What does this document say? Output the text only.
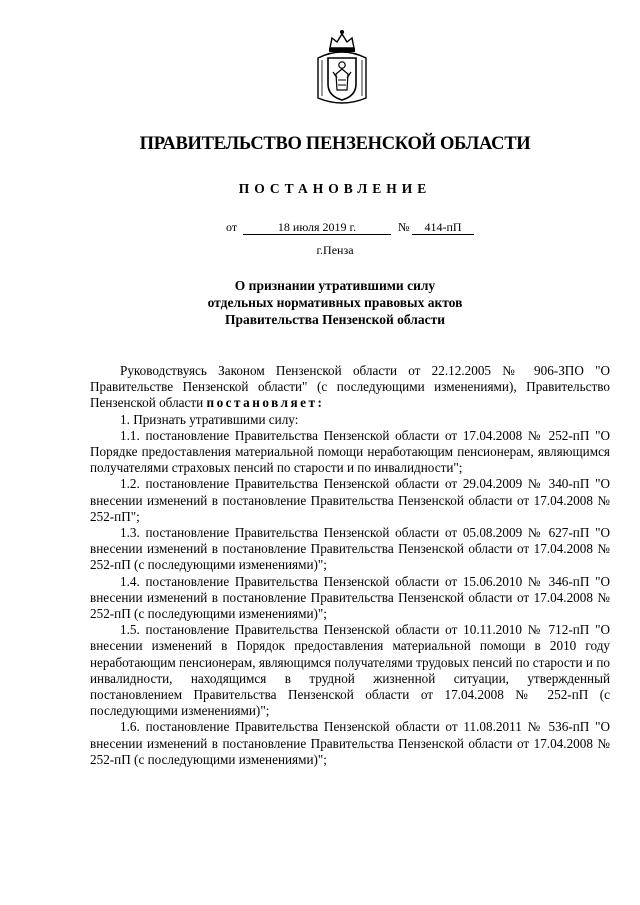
ПРАВИТЕЛЬСТВО ПЕНЗЕНСКОЙ ОБЛАСТИ
ПОСТАНОВЛЕНИЕ
от	18 июля 2019 г.	№	414-пП
г.Пенза
О признании утратившими силу
отдельных нормативных правовых актов
Правительства Пензенской области

Руководствуясь Законом Пензенской области от 22.12.2005 № 906-ЗПО "О Правительстве Пензенской области" (с последующими изменениями), Правительство Пензенской области постановляет:

1. Признать утратившими силу:

1.1. постановление Правительства Пензенской области от 17.04.2008 № 252-пП "О Порядке предоставления материальной помощи неработающим пенсионерам, являющимся получателями страховых пенсий по старости и по инвалидности";

1.2. постановление Правительства Пензенской области от 29.04.2009 № 340-пП "О внесении изменений в постановление Правительства Пензенской области от 17.04.2008 № 252-пП";

1.3. постановление Правительства Пензенской области от 05.08.2009 № 627-пП "О внесении изменений в постановление Правительства Пензенской области от 17.04.2008 № 252-пП (с последующими изменениями)";

1.4. постановление Правительства Пензенской области от 15.06.2010 № 346-пП "О внесении изменений в постановление Правительства Пензенской области от 17.04.2008 № 252-пП (с последующими изменениями)";

1.5. постановление Правительства Пензенской области от 10.11.2010 № 712-пП "О внесении изменений в Порядок предоставления материальной помощи в 2010 году неработающим пенсионерам, являющимся получателями трудовых пенсий по старости и по инвалидности, находящимся в трудной жизненной ситуации, утвержденный постановлением Правительства Пензенской области от 17.04.2008 № 252-пП (с последующими изменениями)";

1.6. постановление Правительства Пензенской области от 11.08.2011 № 536-пП "О внесении изменений в постановление Правительства Пензенской области от 17.04.2008 № 252-пП (с последующими изменениями)";
